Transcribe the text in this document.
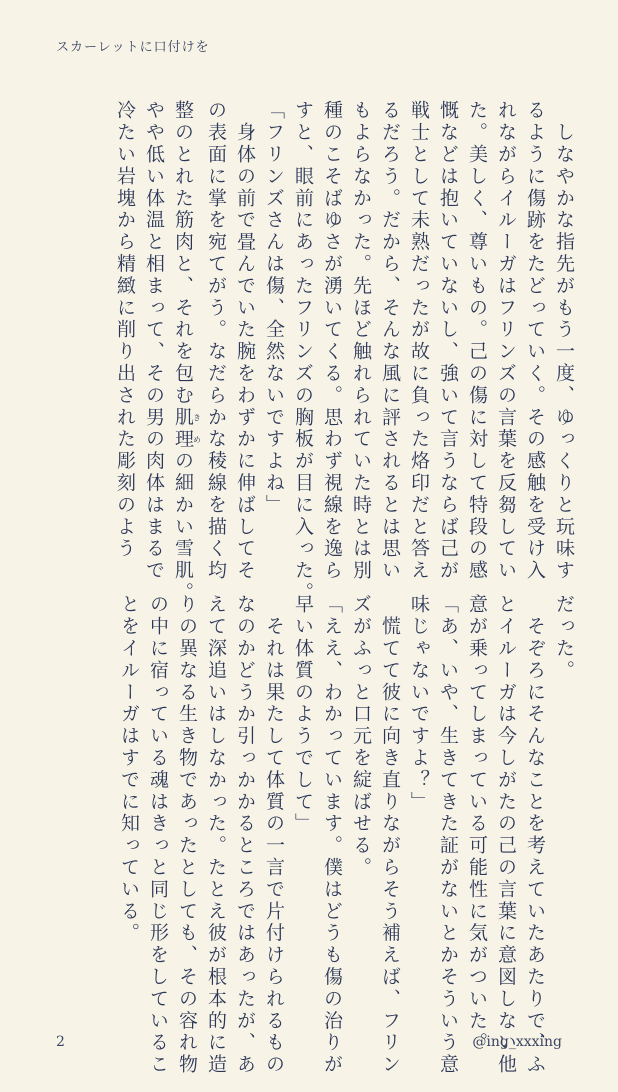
スカーレットに口付けを

　しなやかな指先がもう一度、ゆっくりと玩味す

るように傷跡をたどっていく。その感触を受け入

れながらイルーガはフリンズの言葉を反芻してい

た。美しく、尊いもの。己の傷に対して特段の感

慨などは抱いていないし、強いて言うならば己が

戦士として未熟だったが故に負った烙印だと答え

るだろう。だから、そんな風に評されるとは思い

もよらなかった。先ほど触れられていた時とは別

種のこそばゆさが湧いてくる。思わず視線を逸ら

すと、眼前にあったフリンズの胸板が目に入った。

「フリンズさんは傷、全然ないですよね」

　身体の前で畳んでいた腕をわずかに伸ばしてそ

の表面に掌を宛てがう。なだらかな稜線を描く均

整のとれた筋肉と、それを包む肌理きめの細かい雪肌。

やや低い体温と相まって、その男の肉体はまるで

冷たい岩塊から精緻に削り出された彫刻のよう

だった。

　そぞろにそんなことを考えていたあたりで、ふ

とイルーガは今しがたの己の言葉に意図しない他

意が乗ってしまっている可能性に気がついた。

「あ、いや、生きてきた証がないとかそういう意

味じゃないですよ？」

　慌てて彼に向き直りながらそう補えば、フリン

ズがふっと口元を綻ばせる。

「ええ、わかっています。僕はどうも傷の治りが

早い体質のようでして」

　それは果たして体質の一言で片付けられるもの

なのかどうか引っかかるところではあったが、あ

えて深追いはしなかった。たとえ彼が根本的に造

りの異なる生き物であったとしても、その容れ物

の中に宿っている魂はきっと同じ形をしているこ

とをイルーガはすでに知っている。

2	@ing_xxxing
